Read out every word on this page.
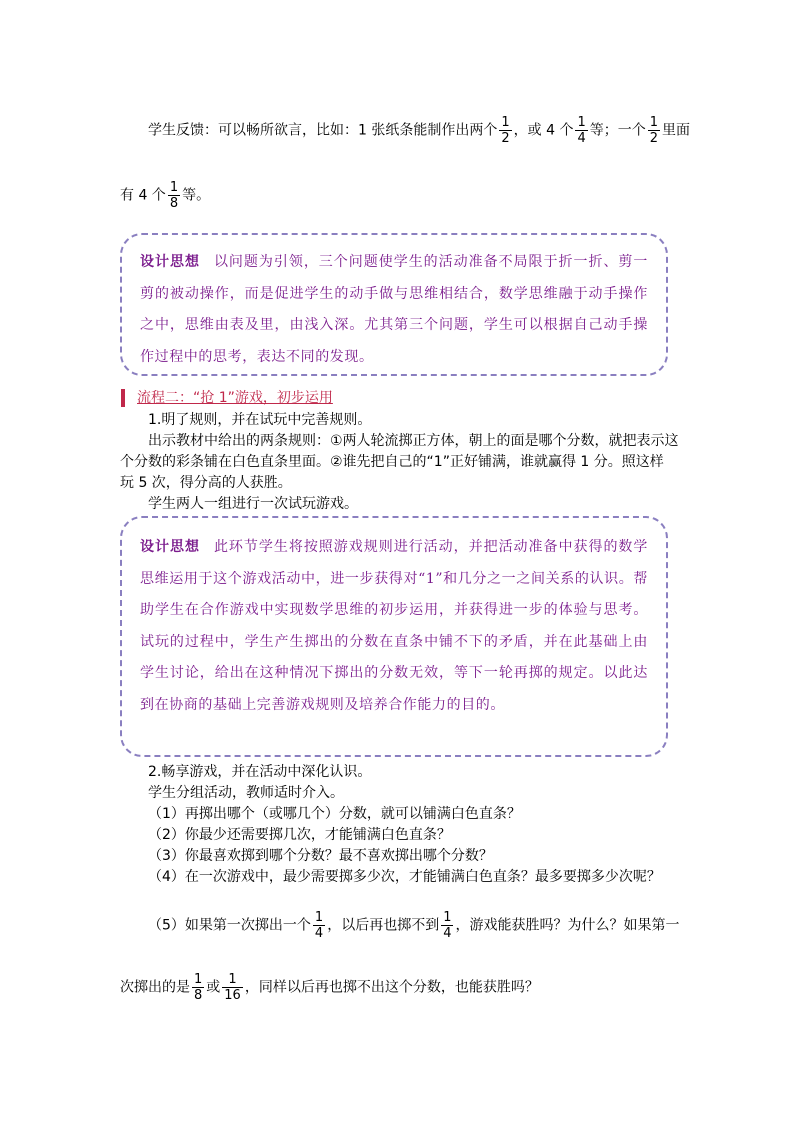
学生反馈：可以畅所欲言，比如：1 张纸条能制作出两个 $\frac{1}{2}$ ，或 4 个 $\frac{1}{4}$ 等；一个 $\frac{1}{2}$ 里面
有 4 个 $\frac{1}{8}$ 等。
设计思想 以问题为引领，三个问题使学生的活动准备不局限于折一折、剪一剪的被动操作，而是促进学生的动手做与思维相结合，数学思维融于动手操作之中，思维由表及里，由浅入深。尤其第三个问题，学生可以根据自己动手操作过程中的思考，表达不同的发现。
流程二：“抢 1”游戏，初步运用
1.明了规则，并在试玩中完善规则。
出示教材中给出的两条规则：①两人轮流掷正方体，朝上的面是哪个分数，就把表示这
个分数的彩条铺在白色直条里面。②谁先把自己的“1”正好铺满，谁就赢得 1 分。照这样
玩 5 次，得分高的人获胜。
学生两人一组进行一次试玩游戏。
设计思想 此环节学生将按照游戏规则进行活动，并把活动准备中获得的数学思维运用于这个游戏活动中，进一步获得对“1”和几分之一之间关系的认识。帮助学生在合作游戏中实现数学思维的初步运用，并获得进一步的体验与思考。试玩的过程中，学生产生掷出的分数在直条中铺不下的矛盾，并在此基础上由学生讨论，给出在这种情况下掷出的分数无效，等下一轮再掷的规定。以此达到在协商的基础上完善游戏规则及培养合作能力的目的。
2.畅享游戏，并在活动中深化认识。
学生分组活动，教师适时介入。
（1）再掷出哪个（或哪几个）分数，就可以铺满白色直条？
（2）你最少还需要掷几次，才能铺满白色直条？
（3）你最喜欢掷到哪个分数？最不喜欢掷出哪个分数？
（4）在一次游戏中，最少需要掷多少次，才能铺满白色直条？最多要掷多少次呢？
（5）如果第一次掷出一个 $\frac{1}{4}$ ，以后再也掷不到 $\frac{1}{4}$ ，游戏能获胜吗？为什么？如果第一
次掷出的是 $\frac{1}{8}$ 或 $\frac{1}{16}$ ，同样以后再也掷不出这个分数，也能获胜吗？
